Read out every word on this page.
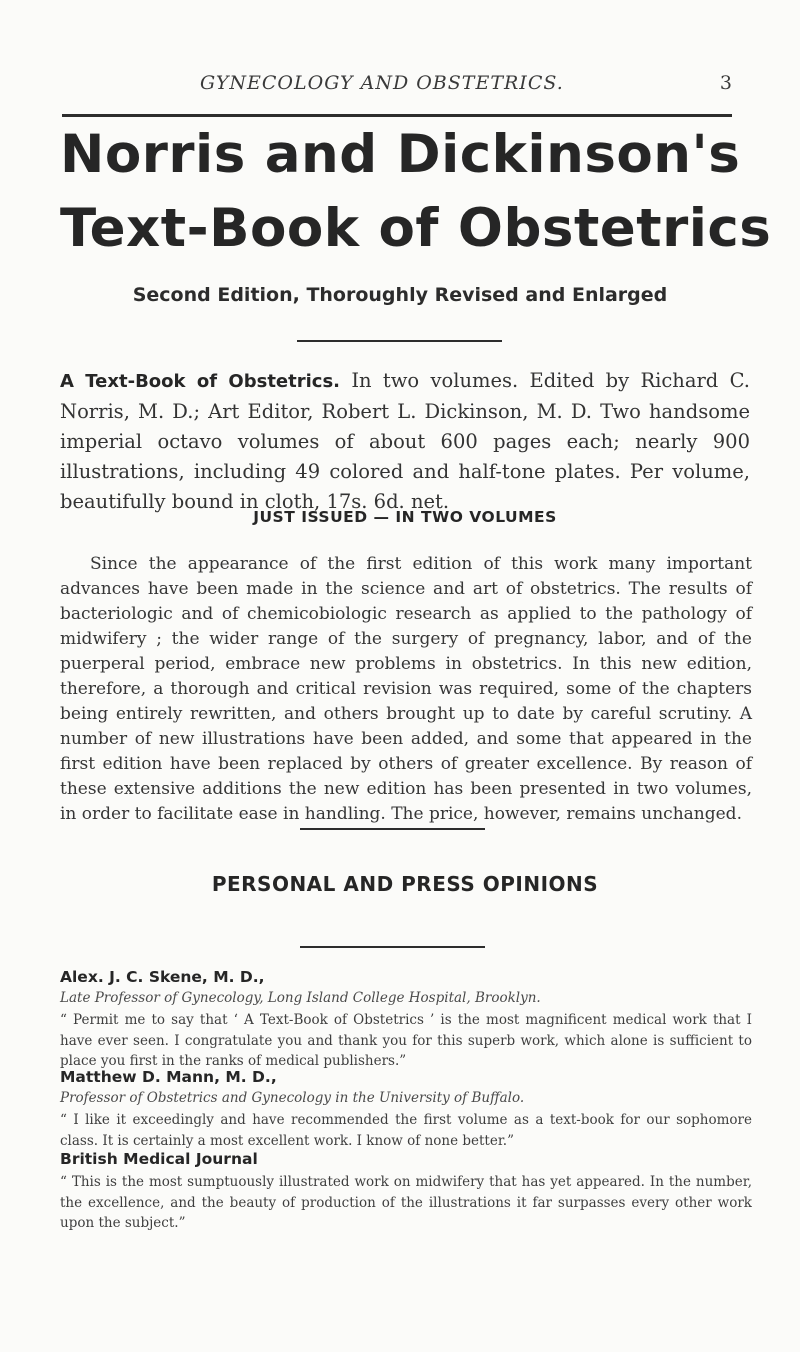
GYNECOLOGY AND OBSTETRICS.	3
Norris and Dickinson's
Text-Book of Obstetrics
Second Edition, Thoroughly Revised and Enlarged
A Text-Book of Obstetrics. In two volumes. Edited by Richard C. Norris, M. D.; Art Editor, Robert L. Dickinson, M. D. Two handsome imperial octavo volumes of about 600 pages each; nearly 900 illustrations, including 49 colored and half-tone plates. Per volume, beautifully bound in cloth, 17s. 6d. net.
JUST ISSUED — IN TWO VOLUMES
Since the appearance of the first edition of this work many important advances have been made in the science and art of obstetrics. The results of bacteriologic and of chemicobiologic research as applied to the pathology of midwifery ; the wider range of the surgery of pregnancy, labor, and of the puerperal period, embrace new problems in obstetrics. In this new edition, therefore, a thorough and critical revision was required, some of the chapters being entirely rewritten, and others brought up to date by careful scrutiny. A number of new illustrations have been added, and some that appeared in the first edition have been replaced by others of greater excellence. By reason of these extensive additions the new edition has been presented in two volumes, in order to facilitate ease in handling. The price, however, remains unchanged.
PERSONAL AND PRESS OPINIONS
Alex. J. C. Skene, M. D.,
Late Professor of Gynecology, Long Island College Hospital, Brooklyn.
“ Permit me to say that ‘ A Text-Book of Obstetrics ’ is the most magnificent medical work that I have ever seen. I congratulate you and thank you for this superb work, which alone is sufficient to place you first in the ranks of medical publishers.”
Matthew D. Mann, M. D.,
Professor of Obstetrics and Gynecology in the University of Buffalo.
“ I like it exceedingly and have recommended the first volume as a text-book for our sophomore class. It is certainly a most excellent work. I know of none better.”
British Medical Journal
“ This is the most sumptuously illustrated work on midwifery that has yet appeared. In the number, the excellence, and the beauty of production of the illustrations it far surpasses every other work upon the subject.”
